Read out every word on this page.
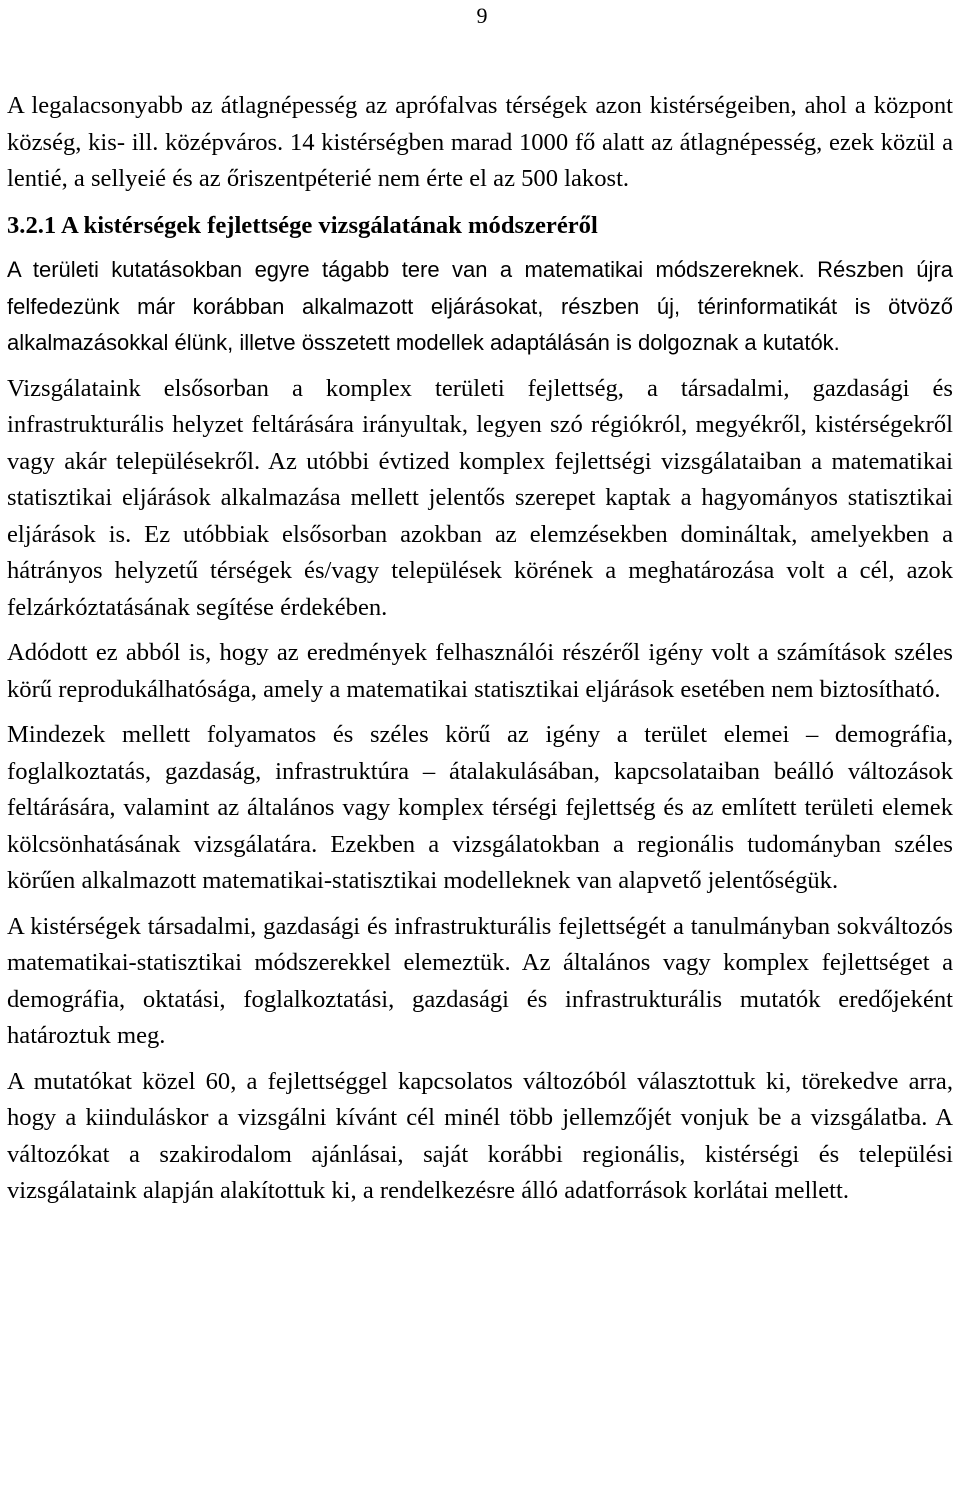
9

A legalacsonyabb az átlagnépesség az aprófalvas térségek azon kistérségeiben, ahol a központ község, kis- ill. középváros. 14 kistérségben marad 1000 fő alatt az átlagnépesség, ezek közül a lentié, a sellyeié és az őriszentpéterié nem érte el az 500 lakost.

3.2.1 A kistérségek fejlettsége vizsgálatának módszeréről

A területi kutatásokban egyre tágabb tere van a matematikai módszereknek. Részben újra felfedezünk már korábban alkalmazott eljárásokat, részben új, térinformatikát is ötvöző alkalmazásokkal élünk, illetve összetett modellek adaptálásán is dolgoznak a kutatók.

Vizsgálataink elsősorban a komplex területi fejlettség, a társadalmi, gazdasági és infrastrukturális helyzet feltárására irányultak, legyen szó régiókról, megyékről, kistérségekről vagy akár településekről. Az utóbbi évtized komplex fejlettségi vizsgálataiban a matematikai statisztikai eljárások alkalmazása mellett jelentős szerepet kaptak a hagyományos statisztikai eljárások is. Ez utóbbiak elsősorban azokban az elemzésekben domináltak, amelyekben a hátrányos helyzetű térségek és/vagy települések körének a meghatározása volt a cél, azok felzárkóztatásának segítése érdekében.

Adódott ez abból is, hogy az eredmények felhasználói részéről igény volt a számítások széles körű reprodukálhatósága, amely a matematikai statisztikai eljárások esetében nem biztosítható.

Mindezek mellett folyamatos és széles körű az igény a terület elemei – demográfia, foglalkoztatás, gazdaság, infrastruktúra – átalakulásában, kapcsolataiban beálló változások feltárására, valamint az általános vagy komplex térségi fejlettség és az említett területi elemek kölcsönhatásának vizsgálatára. Ezekben a vizsgálatokban a regionális tudományban széles körűen alkalmazott matematikai-statisztikai modelleknek van alapvető jelentőségük.

A kistérségek társadalmi, gazdasági és infrastrukturális fejlettségét a tanulmányban sokváltozós matematikai-statisztikai módszerekkel elemeztük. Az általános vagy komplex fejlettséget a demográfia, oktatási, foglalkoztatási, gazdasági és infrastrukturális mutatók eredőjeként határoztuk meg.

A mutatókat közel 60, a fejlettséggel kapcsolatos változóból választottuk ki, törekedve arra, hogy a kiinduláskor a vizsgálni kívánt cél minél több jellemzőjét vonjuk be a vizsgálatba. A változókat a szakirodalom ajánlásai, saját korábbi regionális, kistérségi és települési vizsgálataink alapján alakítottuk ki, a rendelkezésre álló adatforrások korlátai mellett.
